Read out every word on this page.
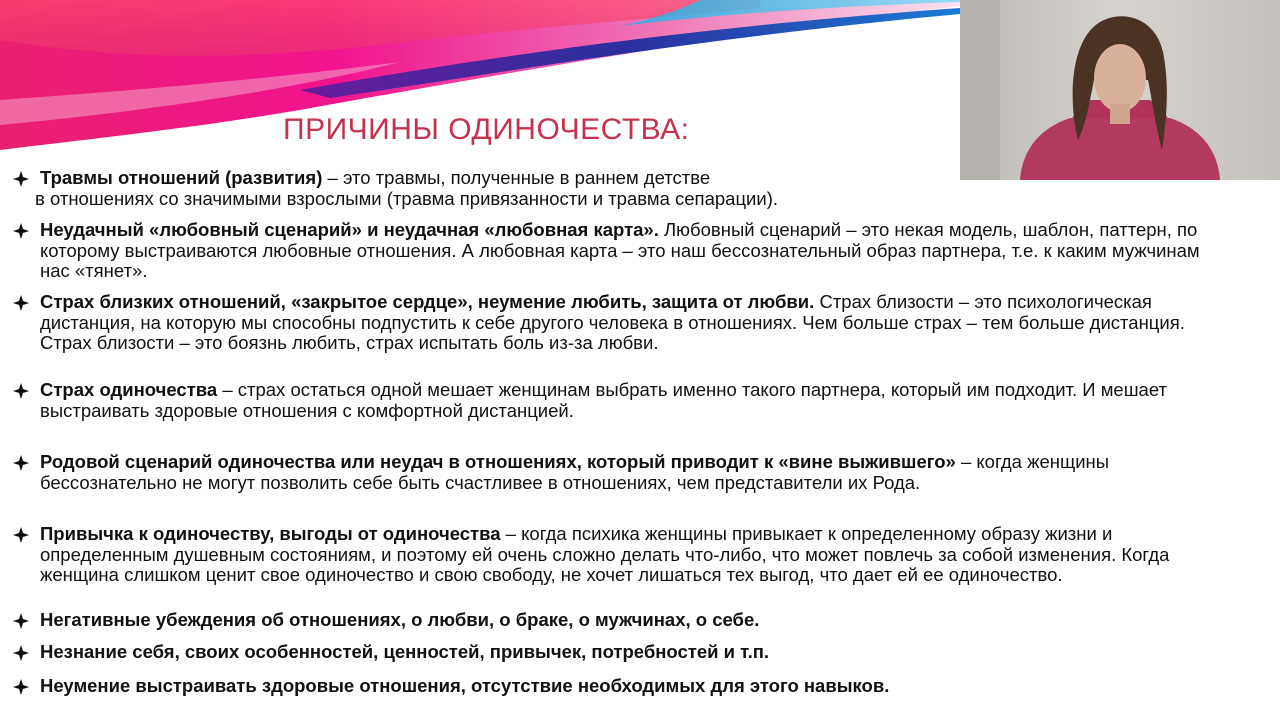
ПРИЧИНЫ ОДИНОЧЕСТВА:
Травмы отношений (развития) – это травмы, полученные в раннем детстве
в отношениях со значимыми взрослыми (травма привязанности и травма сепарации).
Неудачный «любовный сценарий» и неудачная «любовная карта». Любовный сценарий – это некая модель, шаблон, паттерн, по которому выстраиваются любовные отношения. А любовная карта – это наш бессознательный образ партнера, т.е. к каким мужчинам нас «тянет».
Страх близких отношений, «закрытое сердце», неумение любить, защита от любви. Страх близости – это психологическая дистанция, на которую мы способны подпустить к себе другого человека в отношениях. Чем больше страх – тем больше дистанция. Страх близости – это боязнь любить, страх испытать боль из-за любви.
Страх одиночества – страх остаться одной мешает женщинам выбрать именно такого партнера, который им подходит. И мешает выстраивать здоровые отношения с комфортной дистанцией.
Родовой сценарий одиночества или неудач в отношениях, который приводит к «вине выжившего» – когда женщины бессознательно не могут позволить себе быть счастливее в отношениях, чем представители их Рода.
Привычка к одиночеству, выгоды от одиночества – когда психика женщины привыкает к определенному образу жизни и определенным душевным состояниям, и поэтому ей очень сложно делать что-либо, что может повлечь за собой изменения. Когда женщина слишком ценит свое одиночество и свою свободу, не хочет лишаться тех выгод, что дает ей ее одиночество.
Негативные убеждения об отношениях, о любви, о браке, о мужчинах, о себе.
Незнание себя, своих особенностей, ценностей, привычек, потребностей и т.п.
Неумение выстраивать здоровые отношения, отсутствие необходимых для этого навыков.
